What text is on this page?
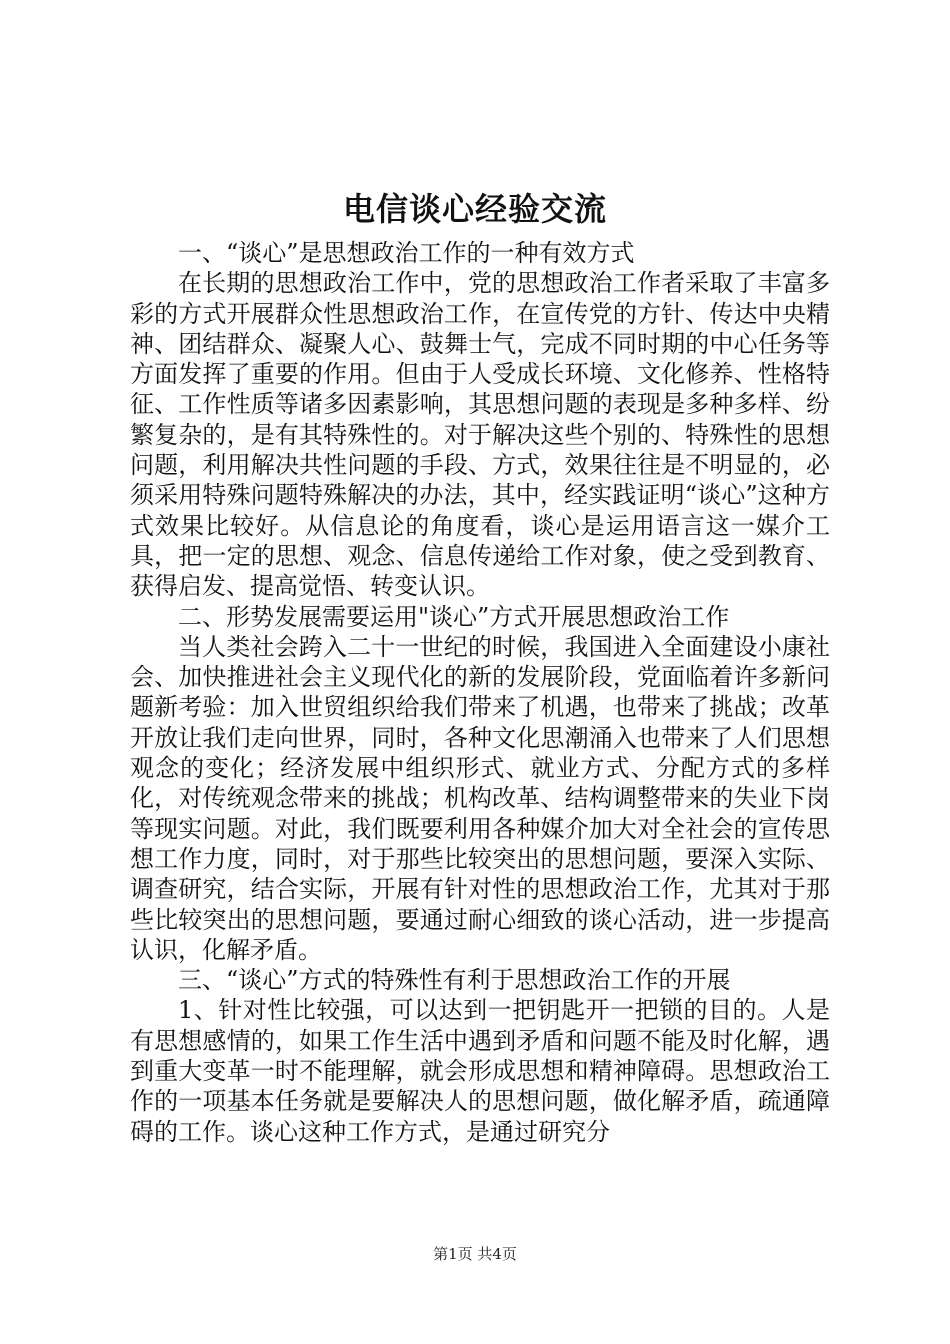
电信谈心经验交流

一、“谈心”是思想政治工作的一种有效方式

在长期的思想政治工作中，党的思想政治工作者采取了丰富多彩的方式开展群众性思想政治工作，在宣传党的方针、传达中央精神、团结群众、凝聚人心、鼓舞士气，完成不同时期的中心任务等方面发挥了重要的作用。但由于人受成长环境、文化修养、性格特征、工作性质等诸多因素影响，其思想问题的表现是多种多样、纷繁复杂的，是有其特殊性的。对于解决这些个别的、特殊性的思想问题，利用解决共性问题的手段、方式，效果往往是不明显的，必须采用特殊问题特殊解决的办法，其中，经实践证明“谈心”这种方式效果比较好。从信息论的角度看，谈心是运用语言这一媒介工具，把一定的思想、观念、信息传递给工作对象，使之受到教育、获得启发、提高觉悟、转变认识。

二、形势发展需要运用"谈心”方式开展思想政治工作

当人类社会跨入二十一世纪的时候，我国进入全面建设小康社会、加快推进社会主义现代化的新的发展阶段，党面临着许多新问题新考验：加入世贸组织给我们带来了机遇，也带来了挑战；改革开放让我们走向世界，同时，各种文化思潮涌入也带来了人们思想观念的变化；经济发展中组织形式、就业方式、分配方式的多样化，对传统观念带来的挑战；机构改革、结构调整带来的失业下岗等现实问题。对此，我们既要利用各种媒介加大对全社会的宣传思想工作力度，同时，对于那些比较突出的思想问题，要深入实际、调查研究，结合实际，开展有针对性的思想政治工作，尤其对于那些比较突出的思想问题，要通过耐心细致的谈心活动，进一步提高认识，化解矛盾。

三、“谈心”方式的特殊性有利于思想政治工作的开展

1、针对性比较强，可以达到一把钥匙开一把锁的目的。人是有思想感情的，如果工作生活中遇到矛盾和问题不能及时化解，遇到重大变革一时不能理解，就会形成思想和精神障碍。思想政治工作的一项基本任务就是要解决人的思想问题，做化解矛盾，疏通障碍的工作。谈心这种工作方式，是通过研究分

第1页 共4页
